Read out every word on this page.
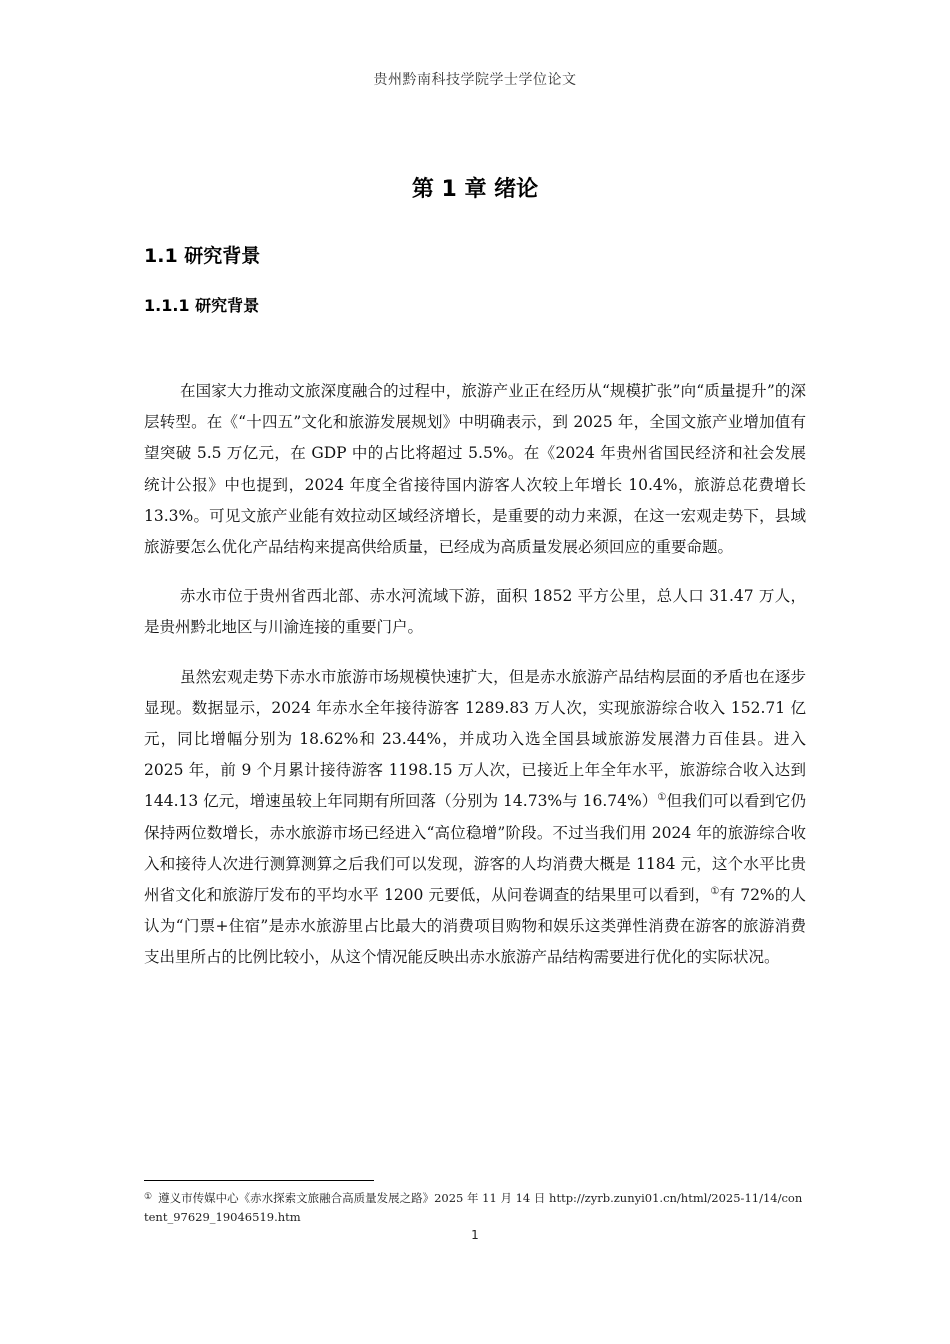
贵州黔南科技学院学士学位论文
第 1 章 绪论
1.1 研究背景
1.1.1 研究背景

在国家大力推动文旅深度融合的过程中，旅游产业正在经历从“规模扩张”向“质量提升”的深层转型。在《“十四五”文化和旅游发展规划》中明确表示，到 2025 年，全国文旅产业增加值有望突破 5.5 万亿元，在 GDP 中的占比将超过 5.5%。在《2024 年贵州省国民经济和社会发展统计公报》中也提到，2024 年度全省接待国内游客人次较上年增长 10.4%，旅游总花费增长 13.3%。可见文旅产业能有效拉动区域经济增长，是重要的动力来源，在这一宏观走势下，县域旅游要怎么优化产品结构来提高供给质量，已经成为高质量发展必须回应的重要命题。

赤水市位于贵州省西北部、赤水河流域下游，面积 1852 平方公里，总人口 31.47 万人，是贵州黔北地区与川渝连接的重要门户。

虽然宏观走势下赤水市旅游市场规模快速扩大，但是赤水旅游产品结构层面的矛盾也在逐步显现。数据显示，2024 年赤水全年接待游客 1289.83 万人次，实现旅游综合收入 152.71 亿元，同比增幅分别为 18.62%和 23.44%，并成功入选全国县域旅游发展潜力百佳县。进入 2025 年，前 9 个月累计接待游客 1198.15 万人次，已接近上年全年水平，旅游综合收入达到 144.13 亿元，增速虽较上年同期有所回落（分别为 14.73%与 16.74%）①但我们可以看到它仍保持两位数增长，赤水旅游市场已经进入“高位稳增”阶段。不过当我们用 2024 年的旅游综合收入和接待人次进行测算测算之后我们可以发现，游客的人均消费大概是 1184 元，这个水平比贵州省文化和旅游厅发布的平均水平 1200 元要低，从问卷调查的结果里可以看到，①有 72%的人认为“门票+住宿”是赤水旅游里占比最大的消费项目购物和娱乐这类弹性消费在游客的旅游消费支出里所占的比例比较小，从这个情况能反映出赤水旅游产品结构需要进行优化的实际状况。

① 遵义市传媒中心《赤水探索文旅融合高质量发展之路》2025 年 11 月 14 日 http://zyrb.zunyi01.cn/html/2025-11/14/content_97629_19046519.htm
1
